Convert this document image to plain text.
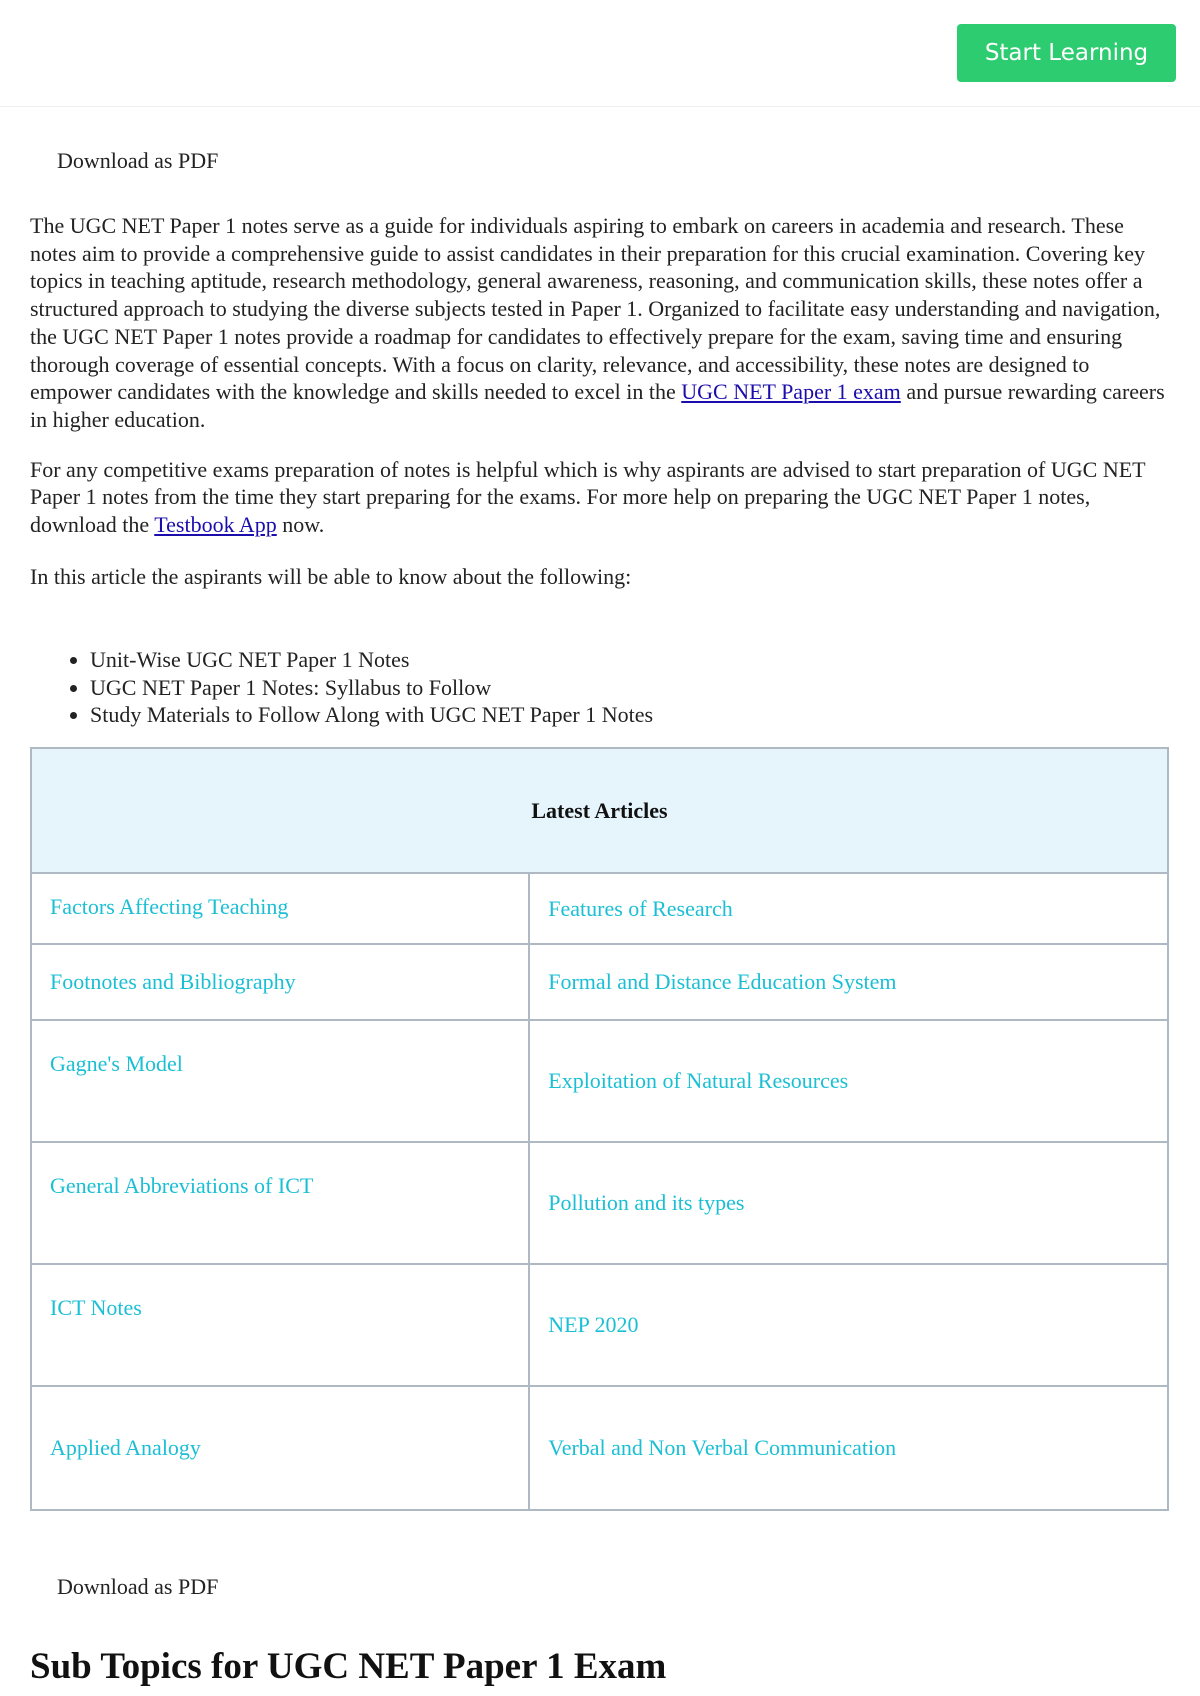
Start Learning
Download as PDF

The UGC NET Paper 1 notes serve as a guide for individuals aspiring to embark on careers in academia and research. These notes aim to provide a comprehensive guide to assist candidates in their preparation for this crucial examination. Covering key topics in teaching aptitude, research methodology, general awareness, reasoning, and communication skills, these notes offer a structured approach to studying the diverse subjects tested in Paper 1. Organized to facilitate easy understanding and navigation, the UGC NET Paper 1 notes provide a roadmap for candidates to effectively prepare for the exam, saving time and ensuring thorough coverage of essential concepts. With a focus on clarity, relevance, and accessibility, these notes are designed to empower candidates with the knowledge and skills needed to excel in the UGC NET Paper 1 exam and pursue rewarding careers in higher education.

For any competitive exams preparation of notes is helpful which is why aspirants are advised to start preparation of UGC NET Paper 1 notes from the time they start preparing for the exams. For more help on preparing the UGC NET Paper 1 notes, download the Testbook App now.

In this article the aspirants will be able to know about the following:

• Unit-Wise UGC NET Paper 1 Notes
• UGC NET Paper 1 Notes: Syllabus to Follow
• Study Materials to Follow Along with UGC NET Paper 1 Notes
Latest Articles	
Factors Affecting Teaching	Features of Research
Footnotes and Bibliography	Formal and Distance Education System
Gagne's Model	Exploitation of Natural Resources
General Abbreviations of ICT	Pollution and its types
ICT Notes	NEP 2020
Applied Analogy	Verbal and Non Verbal Communication
Download as PDF
Sub Topics for UGC NET Paper 1 Exam
